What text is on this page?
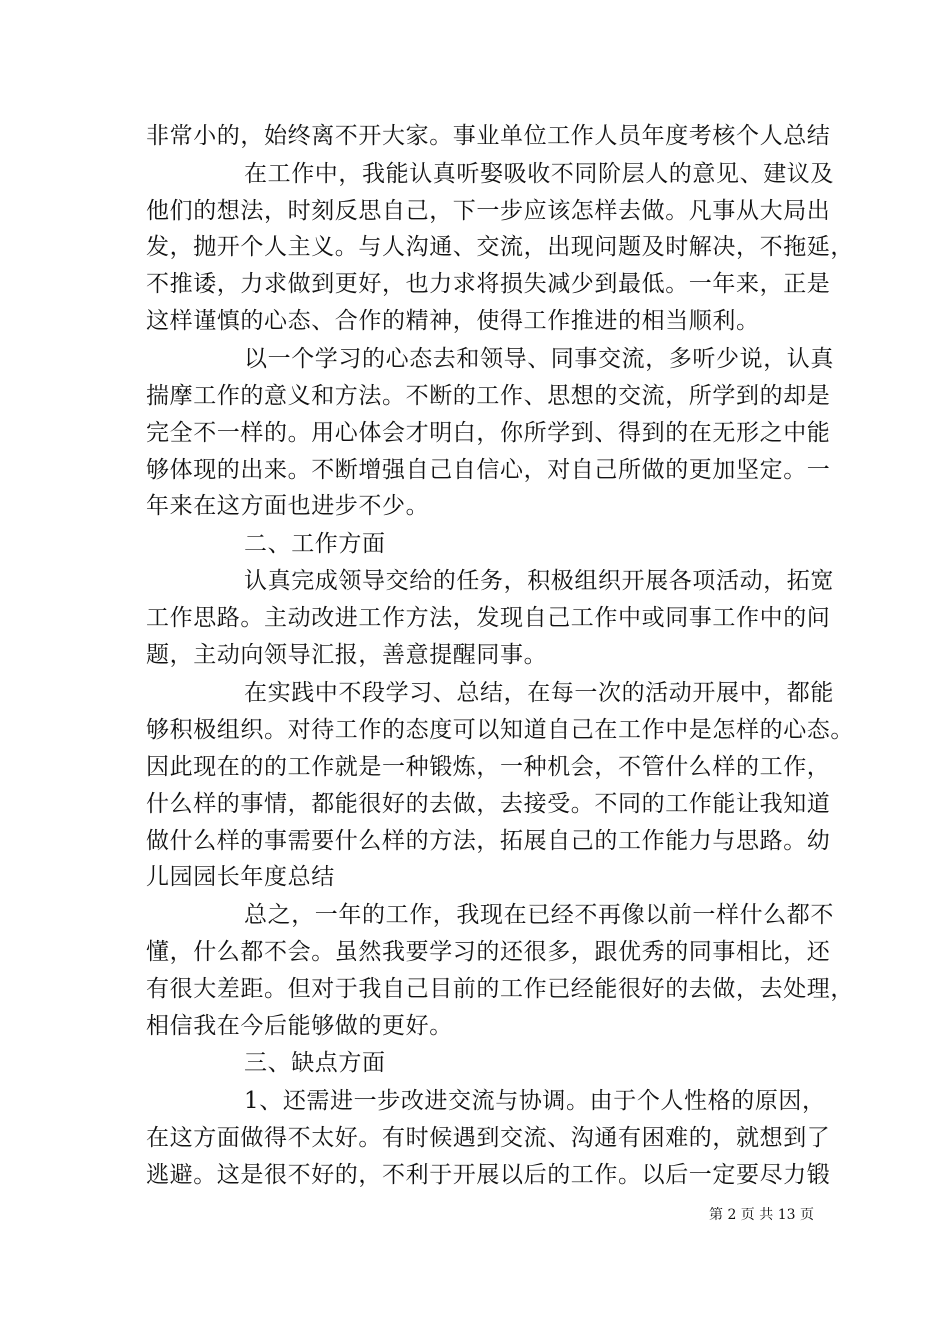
非常小的，始终离不开大家。事业单位工作人员年度考核个人总结
在工作中，我能认真听娶吸收不同阶层人的意见、建议及
他们的想法，时刻反思自己，下一步应该怎样去做。凡事从大局出
发，抛开个人主义。与人沟通、交流，出现问题及时解决，不拖延，
不推诿，力求做到更好，也力求将损失减少到最低。一年来，正是
这样谨慎的心态、合作的精神，使得工作推进的相当顺利。
以一个学习的心态去和领导、同事交流，多听少说，认真
揣摩工作的意义和方法。不断的工作、思想的交流，所学到的却是
完全不一样的。用心体会才明白，你所学到、得到的在无形之中能
够体现的出来。不断增强自己自信心，对自己所做的更加坚定。一
年来在这方面也进步不少。
二、工作方面
认真完成领导交给的任务，积极组织开展各项活动，拓宽
工作思路。主动改进工作方法，发现自己工作中或同事工作中的问
题，主动向领导汇报，善意提醒同事。
在实践中不段学习、总结，在每一次的活动开展中，都能
够积极组织。对待工作的态度可以知道自己在工作中是怎样的心态。
因此现在的的工作就是一种锻炼，一种机会，不管什么样的工作，
什么样的事情，都能很好的去做，去接受。不同的工作能让我知道
做什么样的事需要什么样的方法，拓展自己的工作能力与思路。幼
儿园园长年度总结
总之，一年的工作，我现在已经不再像以前一样什么都不
懂，什么都不会。虽然我要学习的还很多，跟优秀的同事相比，还
有很大差距。但对于我自己目前的工作已经能很好的去做，去处理，
相信我在今后能够做的更好。
三、缺点方面
1、还需进一步改进交流与协调。由于个人性格的原因，
在这方面做得不太好。有时候遇到交流、沟通有困难的，就想到了
逃避。这是很不好的，不利于开展以后的工作。以后一定要尽力锻
第 2 页 共 13 页
